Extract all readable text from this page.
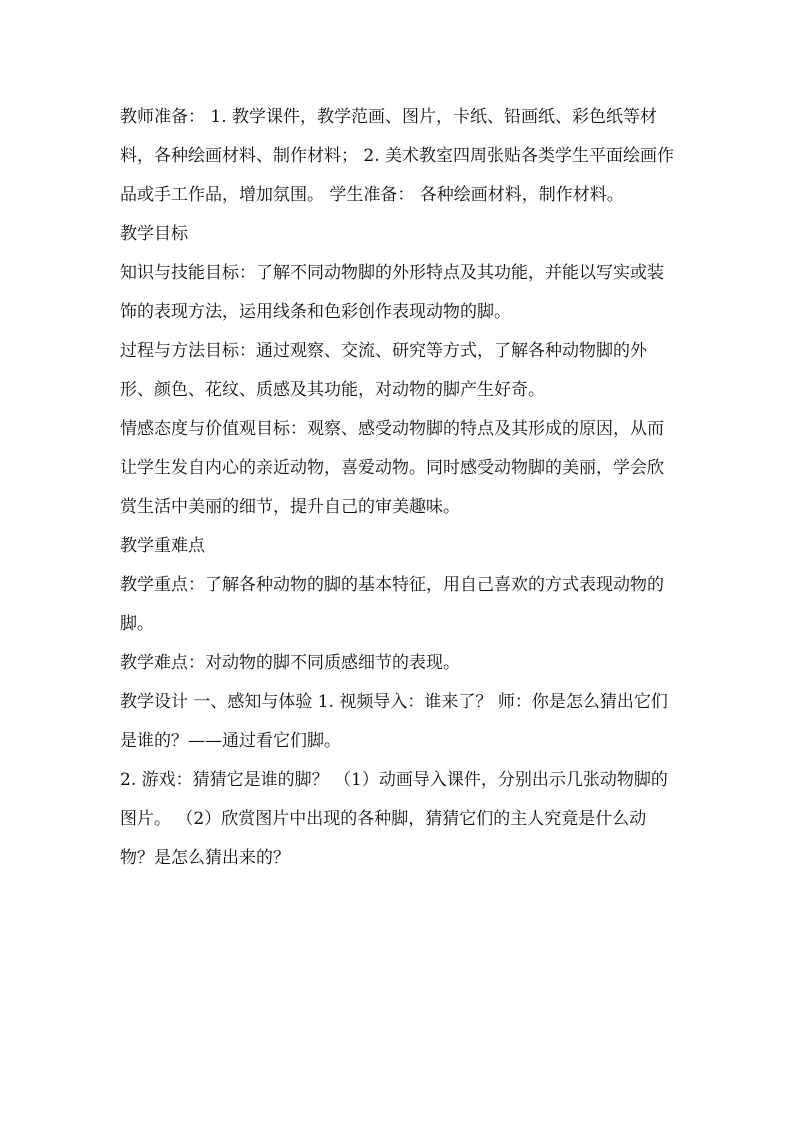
教师准备： 1. 教学课件，教学范画、图片，卡纸、铅画纸、彩色纸等材料，各种绘画材料、制作材料； 2. 美术教室四周张贴各类学生平面绘画作品或手工作品，增加氛围。 学生准备： 各种绘画材料，制作材料。

教学目标

知识与技能目标：了解不同动物脚的外形特点及其功能，并能以写实或装饰的表现方法，运用线条和色彩创作表现动物的脚。

过程与方法目标：通过观察、交流、研究等方式，了解各种动物脚的外形、颜色、花纹、质感及其功能，对动物的脚产生好奇。

情感态度与价值观目标：观察、感受动物脚的特点及其形成的原因，从而让学生发自内心的亲近动物，喜爱动物。同时感受动物脚的美丽，学会欣赏生活中美丽的细节，提升自己的审美趣味。

教学重难点

教学重点：了解各种动物的脚的基本特征，用自己喜欢的方式表现动物的脚。

教学难点：对动物的脚不同质感细节的表现。

教学设计 一、感知与体验 1. 视频导入：谁来了？ 师：你是怎么猜出它们是谁的？——通过看它们脚。

2. 游戏：猜猜它是谁的脚？ （1）动画导入课件，分别出示几张动物脚的图片。 （2）欣赏图片中出现的各种脚，猜猜它们的主人究竟是什么动物？是怎么猜出来的？
